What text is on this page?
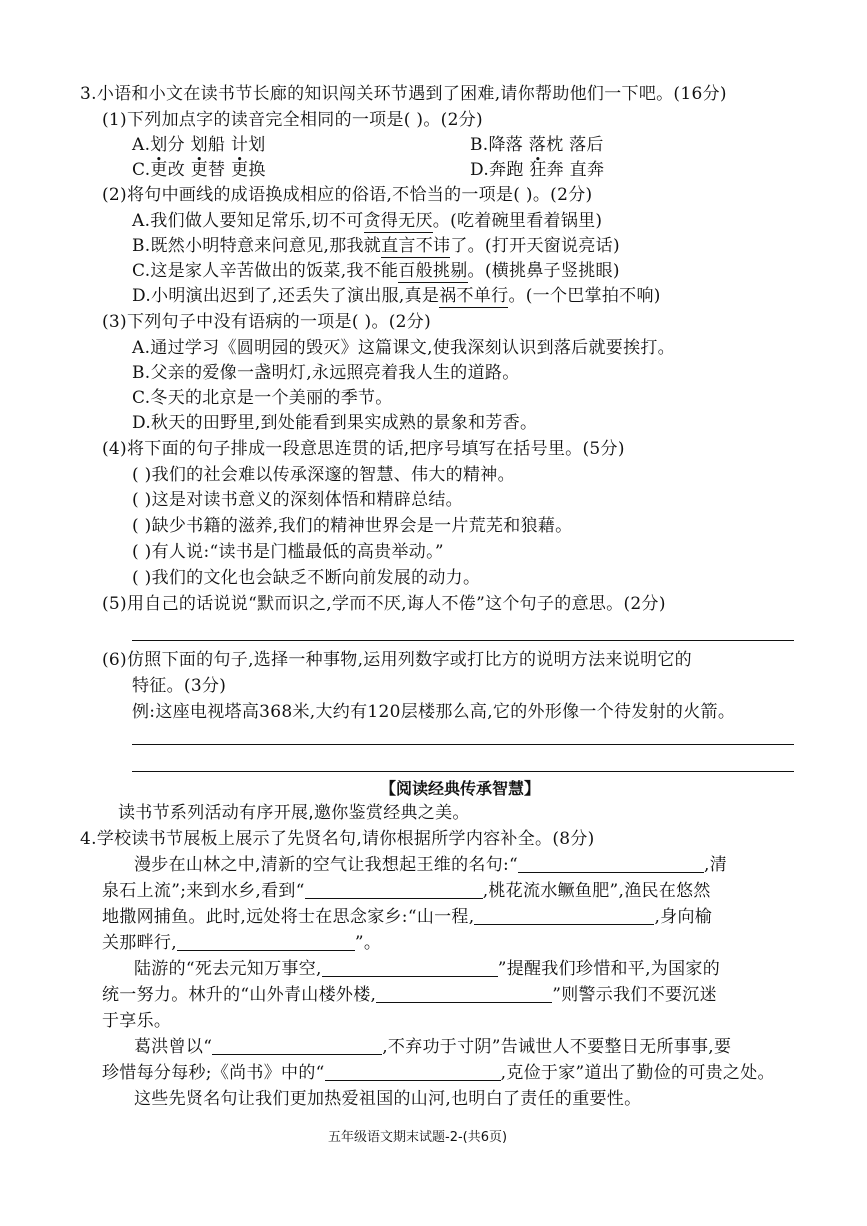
3.小语和小文在读书节长廊的知识闯关环节遇到了困难,请你帮助他们一下吧。(16分)
(1)下列加点字的读音完全相同的一项是( )。(2分)
A.划分 划船 计划	B.降落 落枕 落后
C.更改 更替 更换	D.奔跑 狂奔 直奔
(2)将句中画线的成语换成相应的俗语,不恰当的一项是( )。(2分)
A.我们做人要知足常乐,切不可贪得无厌。(吃着碗里看着锅里)
B.既然小明特意来问意见,那我就直言不讳了。(打开天窗说亮话)
C.这是家人辛苦做出的饭菜,我不能百般挑剔。(横挑鼻子竖挑眼)
D.小明演出迟到了,还丢失了演出服,真是祸不单行。(一个巴掌拍不响)
(3)下列句子中没有语病的一项是( )。(2分)
A.通过学习《圆明园的毁灭》这篇课文,使我深刻认识到落后就要挨打。
B.父亲的爱像一盏明灯,永远照亮着我人生的道路。
C.冬天的北京是一个美丽的季节。
D.秋天的田野里,到处能看到果实成熟的景象和芳香。
(4)将下面的句子排成一段意思连贯的话,把序号填写在括号里。(5分)
( )我们的社会难以传承深邃的智慧、伟大的精神。
( )这是对读书意义的深刻体悟和精辟总结。
( )缺少书籍的滋养,我们的精神世界会是一片荒芜和狼藉。
( )有人说:“读书是门槛最低的高贵举动。”
( )我们的文化也会缺乏不断向前发展的动力。
(5)用自己的话说说“默而识之,学而不厌,诲人不倦”这个句子的意思。(2分)
(6)仿照下面的句子,选择一种事物,运用列数字或打比方的说明方法来说明它的
特征。(3分)
例:这座电视塔高368米,大约有120层楼那么高,它的外形像一个待发射的火箭。
【阅读经典传承智慧】
读书节系列活动有序开展,邀你鉴赏经典之美。
4.学校读书节展板上展示了先贤名句,请你根据所学内容补全。(8分)
漫步在山林之中,清新的空气让我想起王维的名句:“	,清
泉石上流”;来到水乡,看到“	,桃花流水鳜鱼肥”,渔民在悠然
地撒网捕鱼。此时,远处将士在思念家乡:“山一程,	,身向榆
关那畔行,	”。
陆游的“死去元知万事空,	”提醒我们珍惜和平,为国家的
统一努力。林升的“山外青山楼外楼,	”则警示我们不要沉迷
于享乐。
葛洪曾以“	,不弃功于寸阴”告诫世人不要整日无所事事,要
珍惜每分每秒;《尚书》中的“	,克俭于家”道出了勤俭的可贵之处。
这些先贤名句让我们更加热爱祖国的山河,也明白了责任的重要性。
五年级语文期末试题-2-(共6页)
